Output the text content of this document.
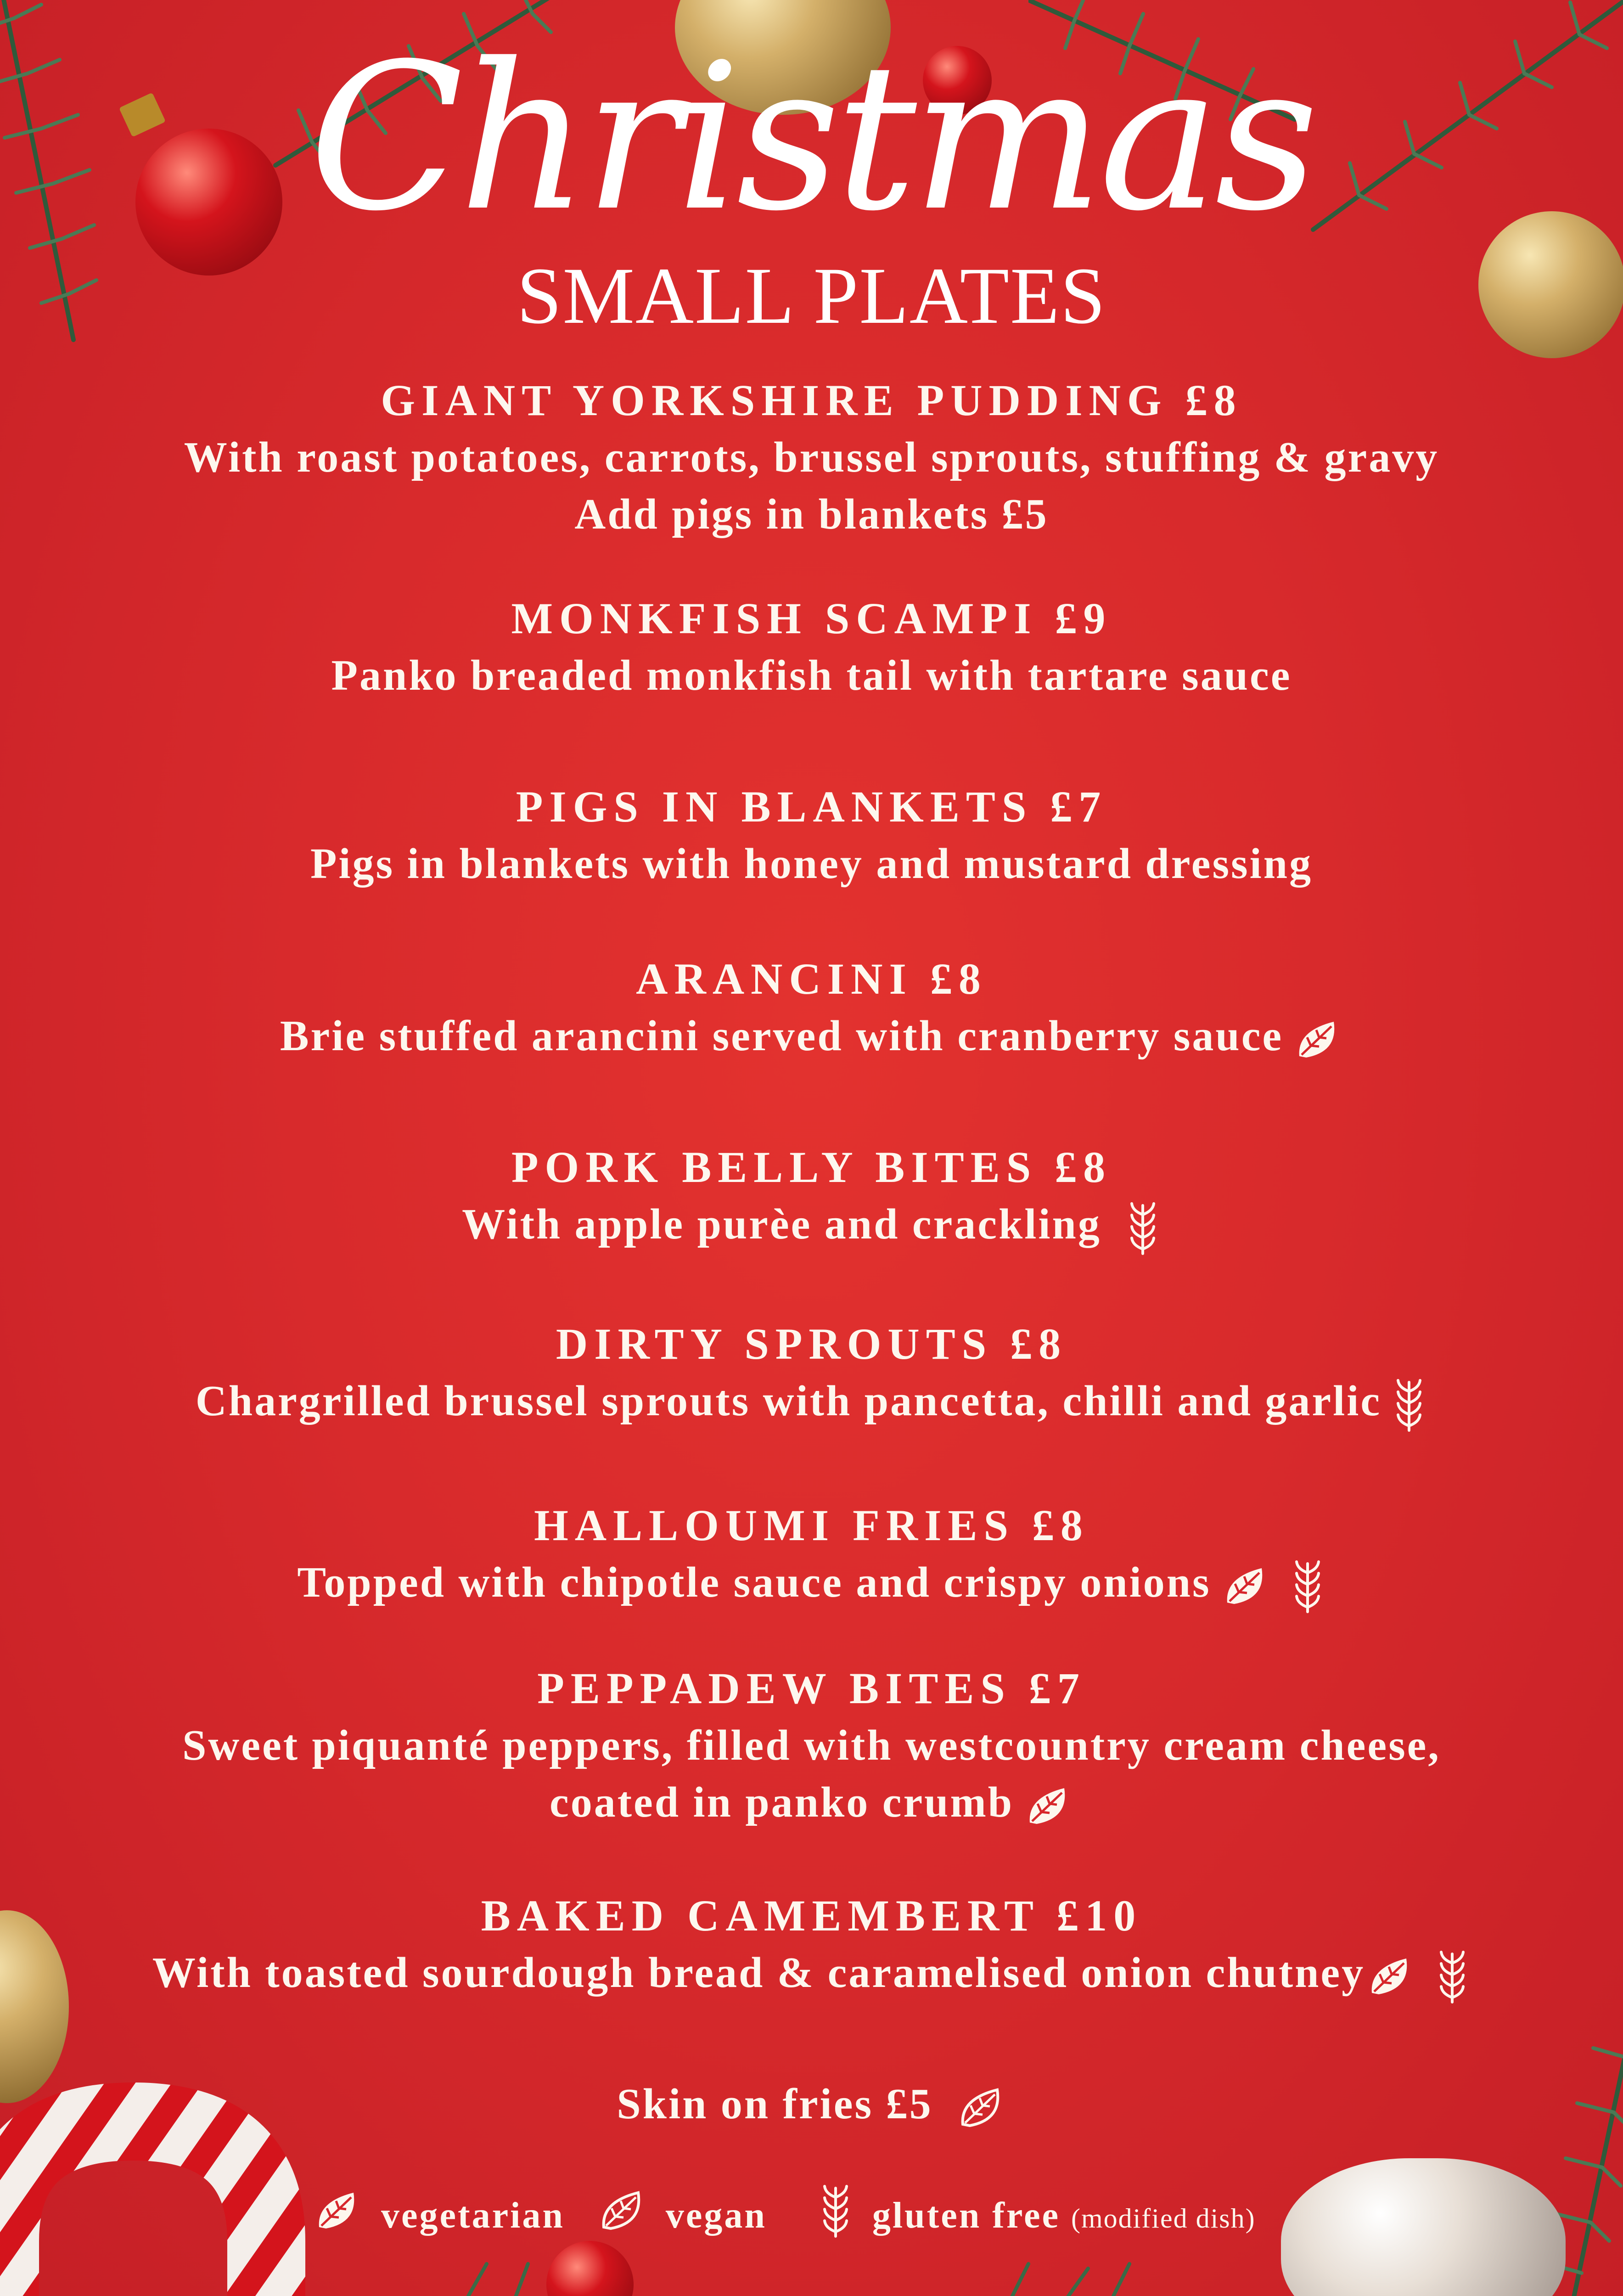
Christmas
SMALL PLATES
GIANT YORKSHIRE PUDDING £8
With roast potatoes, carrots, brussel sprouts, stuffing & gravy
Add pigs in blankets £5
MONKFISH SCAMPI £9
Panko breaded monkfish tail with tartare sauce
PIGS IN BLANKETS £7
Pigs in blankets with honey and mustard dressing
ARANCINI £8
Brie stuffed arancini served with cranberry sauce
PORK BELLY BITES £8
With apple purèe and crackling
DIRTY SPROUTS £8
Chargrilled brussel sprouts with pancetta, chilli and garlic
HALLOUMI FRIES £8
Topped with chipotle sauce and crispy onions
PEPPADEW BITES £7
Sweet piquanté peppers, filled with westcountry cream cheese,
coated in panko crumb
BAKED CAMEMBERT £10
With toasted sourdough bread & caramelised onion chutney
Skin on fries £5
vegetarian	vegan	gluten free (modified dish)
